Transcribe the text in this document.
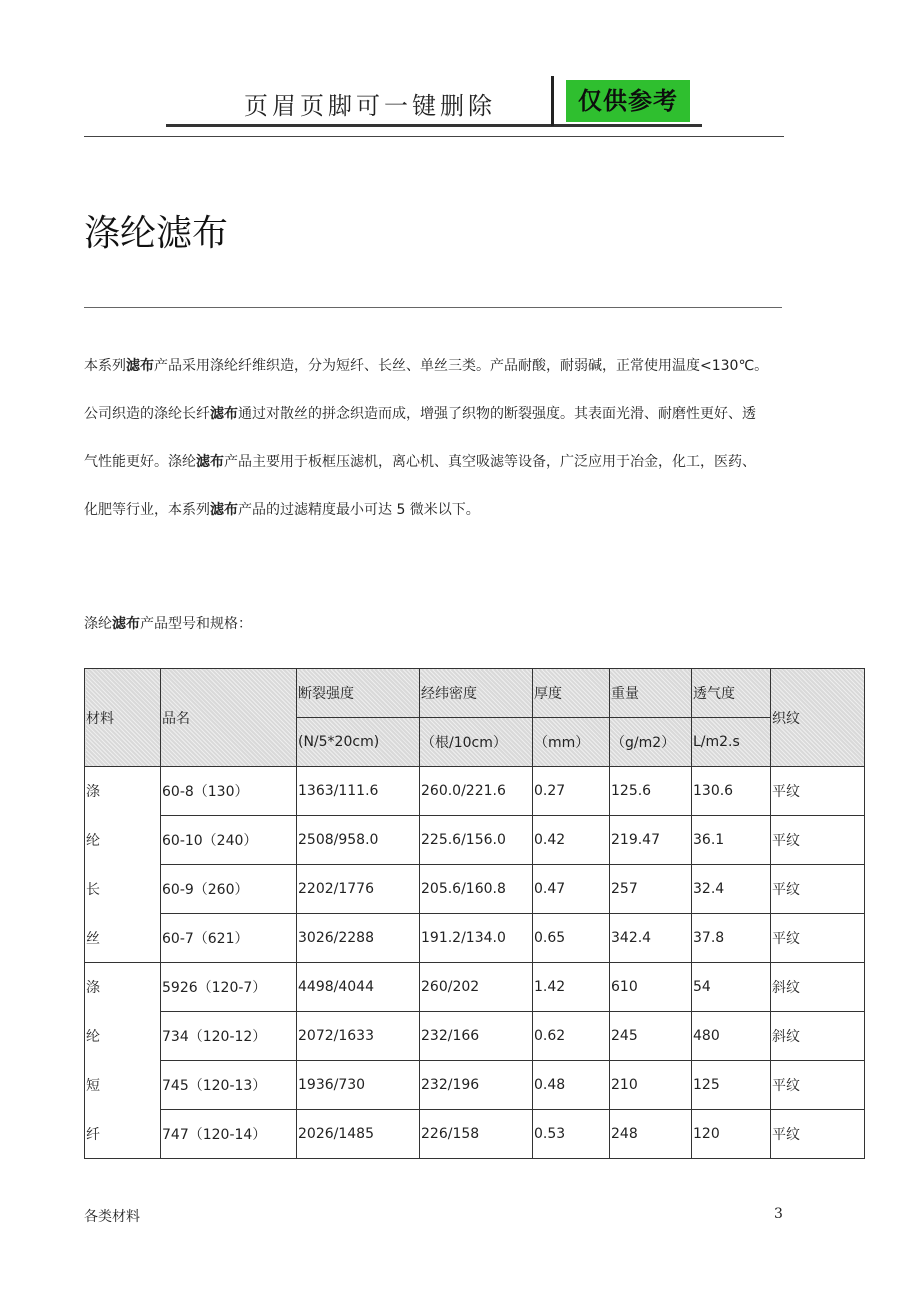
页眉页脚可一键删除	仅供参考
涤纶滤布
本系列滤布产品采用涤纶纤维织造，分为短纤、长丝、单丝三类。产品耐酸，耐弱碱，正常使用温度<130℃。
公司织造的涤纶长纤滤布通过对散丝的拼念织造而成，增强了织物的断裂强度。其表面光滑、耐磨性更好、透
气性能更好。涤纶滤布产品主要用于板框压滤机，离心机、真空吸滤等设备，广泛应用于冶金，化工，医药、
化肥等行业，本系列滤布产品的过滤精度最小可达 5 微米以下。
涤纶滤布产品型号和规格：
材料	品名	断裂强度	经纬密度	厚度	重量	透气度	织纹
		(N/5*20cm)	（根/10cm）	（mm）	（g/m2）	L/m2.s	
涤	60-8（130）	1363/111.6	260.0/221.6	0.27	125.6	130.6	平纹
纶	60-10（240）	2508/958.0	225.6/156.0	0.42	219.47	36.1	平纹
长	60-9（260）	2202/1776	205.6/160.8	0.47	257	32.4	平纹
丝	60-7（621）	3026/2288	191.2/134.0	0.65	342.4	37.8	平纹
涤	5926（120-7）	4498/4044	260/202	1.42	610	54	斜纹
纶	734（120-12）	2072/1633	232/166	0.62	245	480	斜纹
短	745（120-13）	1936/730	232/196	0.48	210	125	平纹
纤	747（120-14）	2026/1485	226/158	0.53	248	120	平纹
各类材料	3
